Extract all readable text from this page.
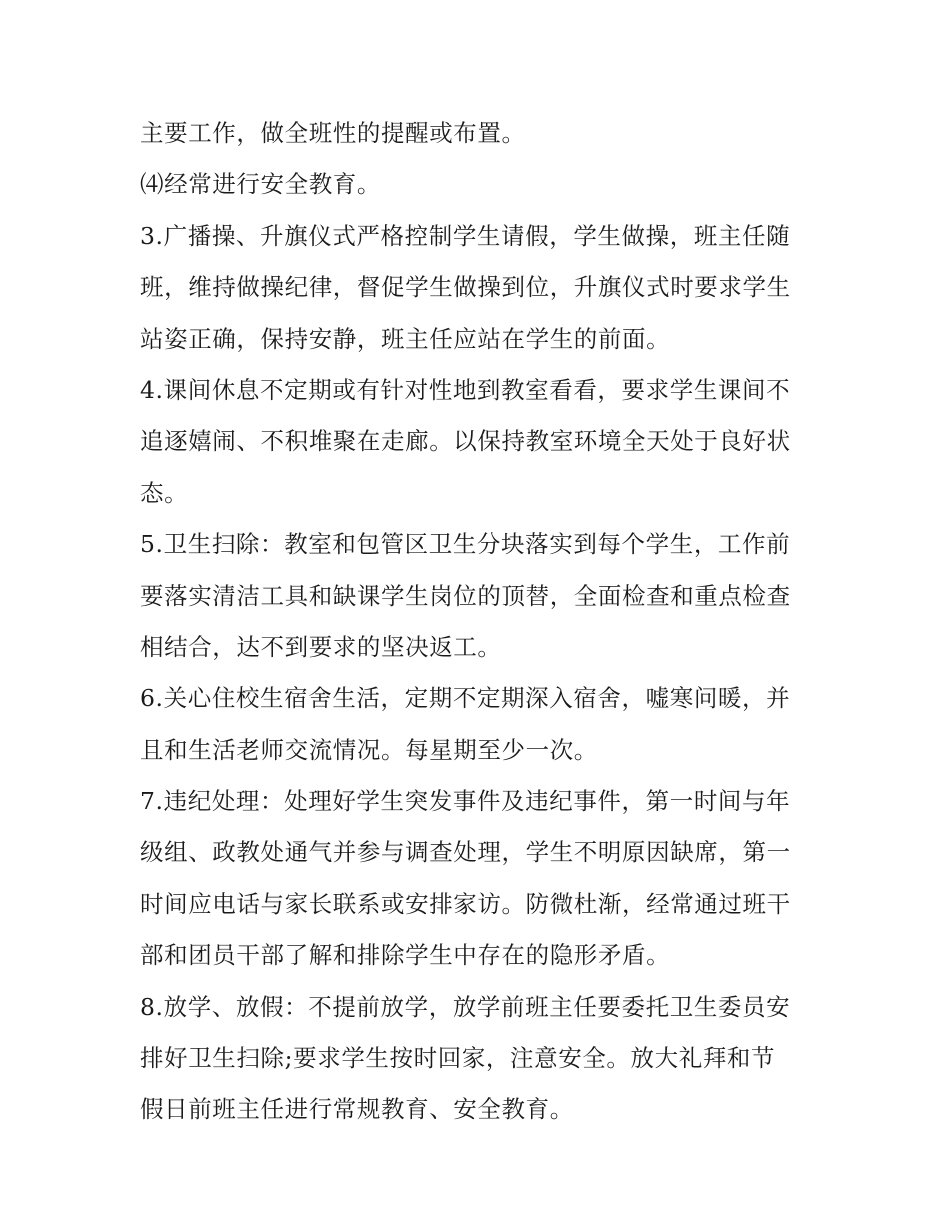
主要工作，做全班性的提醒或布置。
⑷经常进行安全教育。
3.广播操、升旗仪式严格控制学生请假，学生做操，班主任随
班，维持做操纪律，督促学生做操到位，升旗仪式时要求学生
站姿正确，保持安静，班主任应站在学生的前面。
4.课间休息不定期或有针对性地到教室看看，要求学生课间不
追逐嬉闹、不积堆聚在走廊。以保持教室环境全天处于良好状
态。
5.卫生扫除：教室和包管区卫生分块落实到每个学生，工作前
要落实清洁工具和缺课学生岗位的顶替，全面检查和重点检查
相结合，达不到要求的坚决返工。
6.关心住校生宿舍生活，定期不定期深入宿舍，嘘寒问暖，并
且和生活老师交流情况。每星期至少一次。
7.违纪处理：处理好学生突发事件及违纪事件，第一时间与年
级组、政教处通气并参与调查处理，学生不明原因缺席，第一
时间应电话与家长联系或安排家访。防微杜渐，经常通过班干
部和团员干部了解和排除学生中存在的隐形矛盾。
8.放学、放假：不提前放学，放学前班主任要委托卫生委员安
排好卫生扫除;要求学生按时回家，注意安全。放大礼拜和节
假日前班主任进行常规教育、安全教育。
